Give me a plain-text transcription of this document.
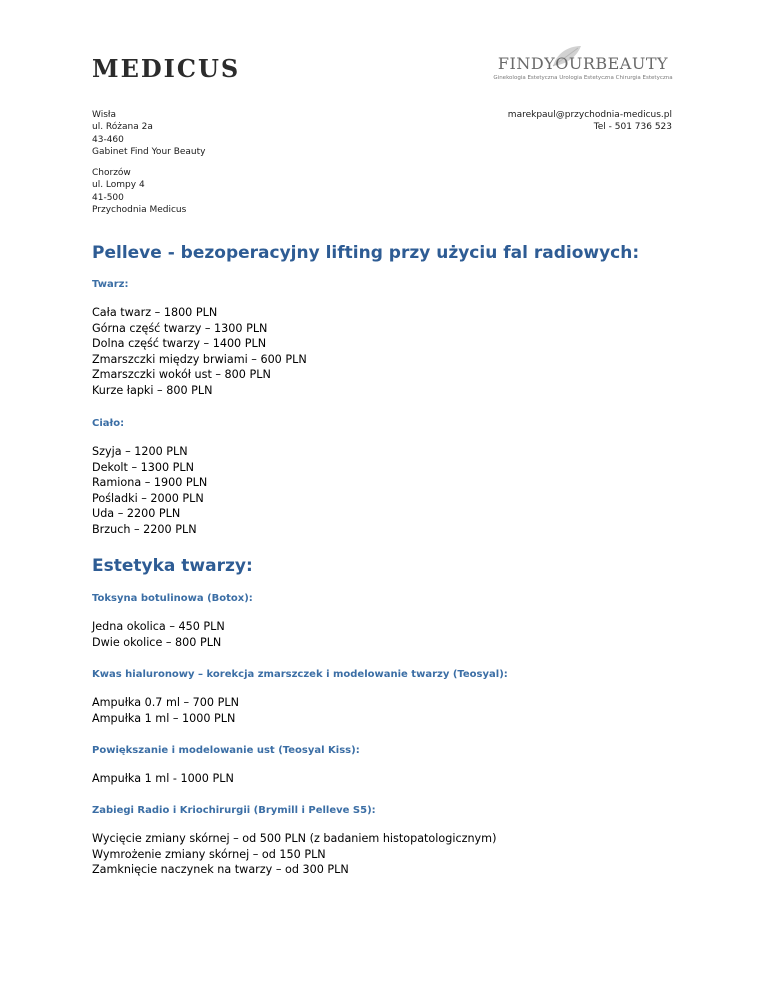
MEDICUS	FINDYOURBEAUTY
Ginekologia Estetyczna Urologia Estetyczna Chirurgia Estetyczna
Wisła
ul. Różana 2a
43-460
Gabinet Find Your Beauty
marekpaul@przychodnia-medicus.pl
Tel - 501 736 523
Chorzów
ul. Lompy 4
41-500
Przychodnia Medicus
Pelleve - bezoperacyjny lifting przy użyciu fal radiowych:
Twarz:
Cała twarz – 1800 PLN
Górna część twarzy – 1300 PLN
Dolna część twarzy – 1400 PLN
Zmarszczki między brwiami – 600 PLN
Zmarszczki wokół ust – 800 PLN
Kurze łapki – 800 PLN
Ciało:
Szyja – 1200 PLN
Dekolt – 1300 PLN
Ramiona – 1900 PLN
Pośladki – 2000 PLN
Uda – 2200 PLN
Brzuch – 2200 PLN
Estetyka twarzy:
Toksyna botulinowa (Botox):
Jedna okolica – 450 PLN
Dwie okolice – 800 PLN
Kwas hialuronowy – korekcja zmarszczek i modelowanie twarzy (Teosyal):
Ampułka 0.7 ml – 700 PLN
Ampułka 1 ml – 1000 PLN
Powiększanie i modelowanie ust (Teosyal Kiss):
Ampułka 1 ml - 1000 PLN
Zabiegi Radio i Kriochirurgii (Brymill i Pelleve S5):
Wycięcie zmiany skórnej – od 500 PLN (z badaniem histopatologicznym)
Wymrożenie zmiany skórnej – od 150 PLN
Zamknięcie naczynek na twarzy – od 300 PLN
